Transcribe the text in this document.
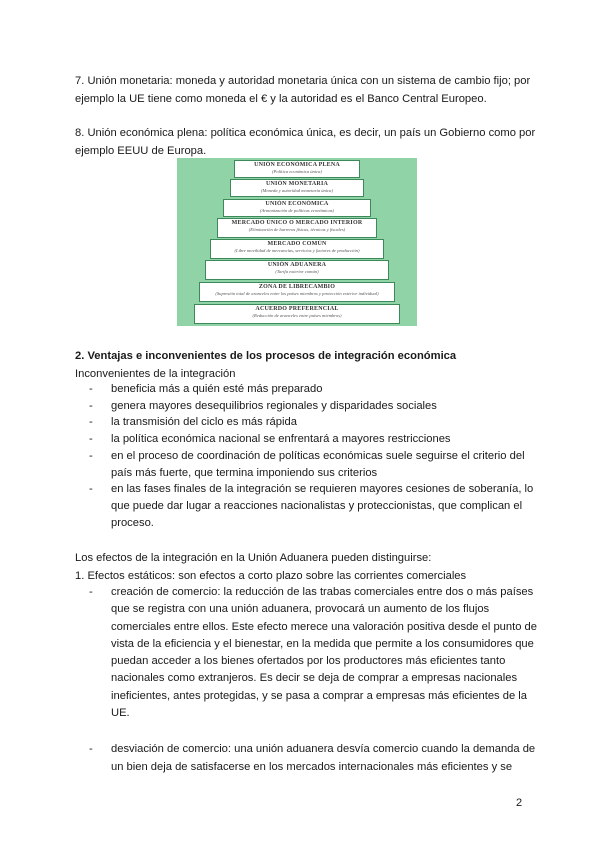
7. Unión monetaria: moneda y autoridad monetaria única con un sistema de cambio fijo; por
ejemplo la UE tiene como moneda el € y la autoridad es el Banco Central Europeo.
8. Unión económica plena: política económica única, es decir, un país un Gobierno como por
ejemplo EEUU de Europa.
UNIÓN ECONÓMICA PLENA
(Política económica única)
UNIÓN MONETARIA
(Moneda y autoridad monetaria única)
UNIÓN ECONÓMICA
(Armonización de políticas económicas)
MERCADO ÚNICO O MERCADO INTERIOR
(Eliminación de barreras físicas, técnicas y fiscales)
MERCADO COMÚN
(Libre movilidad de mercancías, servicios y factores de producción)
UNIÓN ADUANERA
(Tarifa exterior común)
ZONA DE LIBRECAMBIO
(Supresión total de aranceles entre los países miembros y protección exterior individual)
ACUERDO PREFERENCIAL
(Reducción de aranceles entre países miembros)
2. Ventajas e inconvenientes de los procesos de integración económica
Inconvenientes de la integración
- beneficia más a quién esté más preparado
- genera mayores desequilibrios regionales y disparidades sociales
- la transmisión del ciclo es más rápida
- la política económica nacional se enfrentará a mayores restricciones
- en el proceso de coordinación de políticas económicas suele seguirse el criterio del
país más fuerte, que termina imponiendo sus criterios
- en las fases finales de la integración se requieren mayores cesiones de soberanía, lo
que puede dar lugar a reacciones nacionalistas y proteccionistas, que complican el
proceso.
Los efectos de la integración en la Unión Aduanera pueden distinguirse:
1. Efectos estáticos: son efectos a corto plazo sobre las corrientes comerciales
- creación de comercio: la reducción de las trabas comerciales entre dos o más países
que se registra con una unión aduanera, provocará un aumento de los flujos
comerciales entre ellos. Este efecto merece una valoración positiva desde el punto de
vista de la eficiencia y el bienestar, en la medida que permite a los consumidores que
puedan acceder a los bienes ofertados por los productores más eficientes tanto
nacionales como extranjeros. Es decir se deja de comprar a empresas nacionales
ineficientes, antes protegidas, y se pasa a comprar a empresas más eficientes de la
UE.
- desviación de comercio: una unión aduanera desvía comercio cuando la demanda de
un bien deja de satisfacerse en los mercados internacionales más eficientes y se
2
